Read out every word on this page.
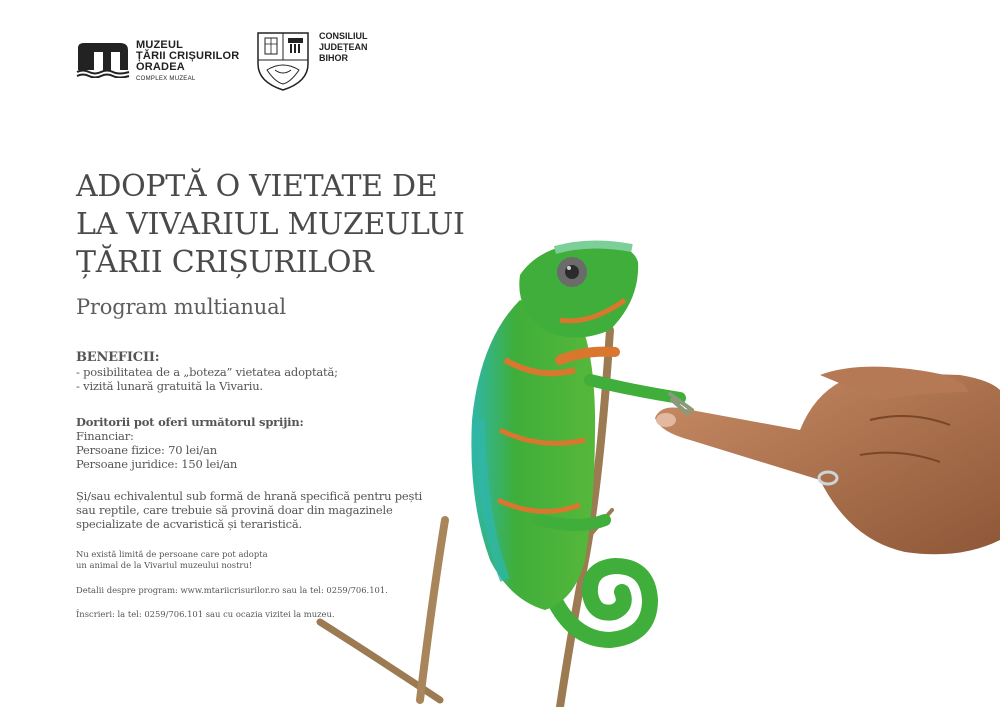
MUZEUL
ȚĂRII CRIȘURILOR
ORADEA
COMPLEX MUZEAL
CONSILIUL
JUDEȚEAN
BIHOR
ADOPTĂ O VIETATE DE
LA VIVARIUL MUZEULUI
ȚĂRII CRIȘURILOR
Program multianual
BENEFICII:
- posibilitatea de a „boteza” vietatea adoptată;
- vizită lunară gratuită la Vivariu.
Doritorii pot oferi următorul sprijin:
Financiar:
Persoane fizice: 70 lei/an
Persoane juridice: 150 lei/an
Și/sau echivalentul sub formă de hrană specifică pentru pești
sau reptile, care trebuie să provină doar din magazinele
specializate de acvaristică și teraristică.
Nu există limită de persoane care pot adopta
un animal de la Vivariul muzeului nostru!
Detalii despre program: www.mtariicrisurilor.ro sau la tel: 0259/706.101.
Înscrieri: la tel: 0259/706.101 sau cu ocazia vizitei la muzeu.
